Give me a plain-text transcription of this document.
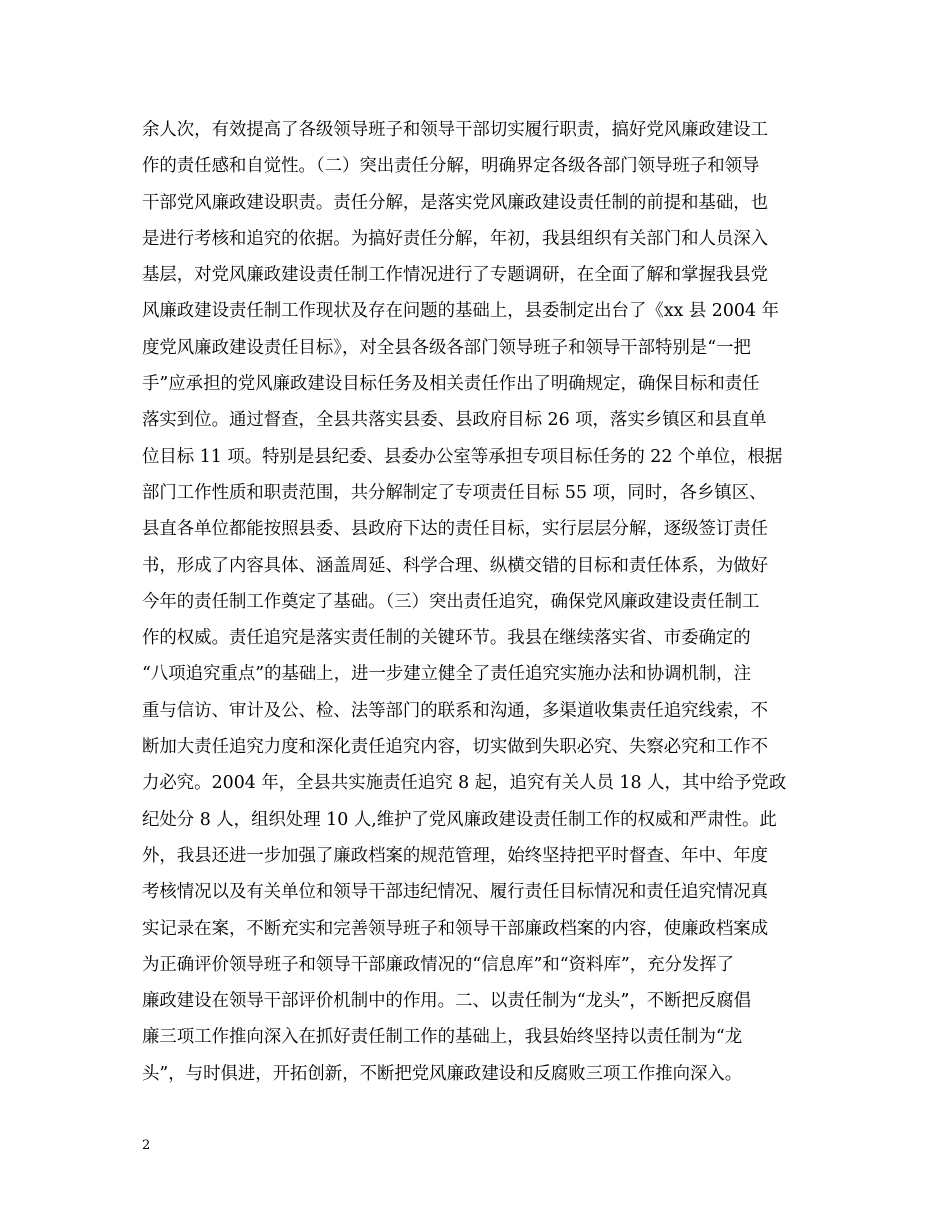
余人次，有效提高了各级领导班子和领导干部切实履行职责，搞好党风廉政建设工
作的责任感和自觉性。（二）突出责任分解，明确界定各级各部门领导班子和领导
干部党风廉政建设职责。责任分解，是落实党风廉政建设责任制的前提和基础，也
是进行考核和追究的依据。为搞好责任分解，年初，我县组织有关部门和人员深入
基层，对党风廉政建设责任制工作情况进行了专题调研，在全面了解和掌握我县党
风廉政建设责任制工作现状及存在问题的基础上，县委制定出台了《xx 县 2004 年
度党风廉政建设责任目标》，对全县各级各部门领导班子和领导干部特别是“一把
手”应承担的党风廉政建设目标任务及相关责任作出了明确规定，确保目标和责任
落实到位。通过督查，全县共落实县委、县政府目标 26 项，落实乡镇区和县直单
位目标 11 项。特别是县纪委、县委办公室等承担专项目标任务的 22 个单位，根据
部门工作性质和职责范围，共分解制定了专项责任目标 55 项，同时，各乡镇区、
县直各单位都能按照县委、县政府下达的责任目标，实行层层分解，逐级签订责任
书，形成了内容具体、涵盖周延、科学合理、纵横交错的目标和责任体系，为做好
今年的责任制工作奠定了基础。（三）突出责任追究，确保党风廉政建设责任制工
作的权威。责任追究是落实责任制的关键环节。我县在继续落实省、市委确定的
“八项追究重点”的基础上，进一步建立健全了责任追究实施办法和协调机制，注
重与信访、审计及公、检、法等部门的联系和沟通，多渠道收集责任追究线索，不
断加大责任追究力度和深化责任追究内容，切实做到失职必究、失察必究和工作不
力必究。2004 年，全县共实施责任追究 8 起，追究有关人员 18 人，其中给予党政
纪处分 8 人，组织处理 10 人,维护了党风廉政建设责任制工作的权威和严肃性。此
外，我县还进一步加强了廉政档案的规范管理，始终坚持把平时督查、年中、年度
考核情况以及有关单位和领导干部违纪情况、履行责任目标情况和责任追究情况真
实记录在案，不断充实和完善领导班子和领导干部廉政档案的内容，使廉政档案成
为正确评价领导班子和领导干部廉政情况的“信息库”和“资料库”，充分发挥了
廉政建设在领导干部评价机制中的作用。二、以责任制为“龙头”，不断把反腐倡
廉三项工作推向深入在抓好责任制工作的基础上，我县始终坚持以责任制为“龙
头”，与时俱进，开拓创新，不断把党风廉政建设和反腐败三项工作推向深入。
2
